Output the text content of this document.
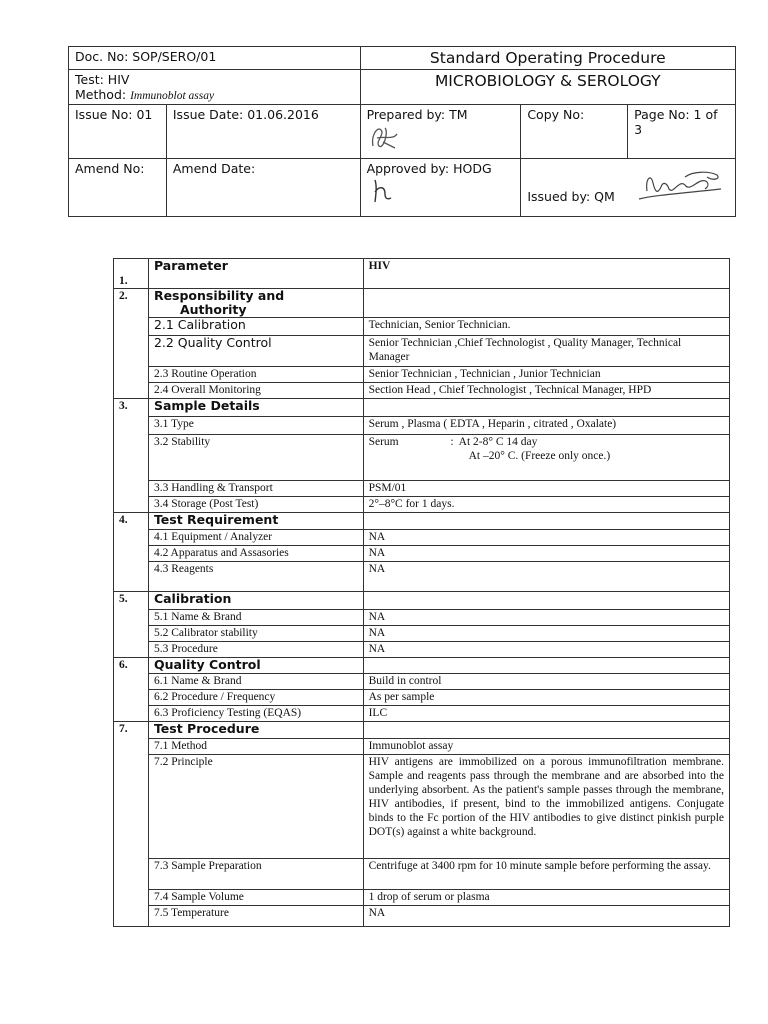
Doc. No: SOP/SERO/01		Standard Operating Procedure		

Test: HIV
Method: Immunoblot assay		MICROBIOLOGY & SEROLOGY		
Issue No: 01	Issue Date: 01.06.2016	Prepared by: TM	Copy No:	Page No: 1 of 3
Amend No:	Amend Date:	Approved by: HODG	Issued by: QM	
1.	Parameter	HIV
2.	Responsibility and
Authority	

	2.1 Calibration	Technician, Senior Technician.
	2.2 Quality Control	Senior Technician ,Chief Technologist , Quality Manager, Technical Manager
	2.3 Routine Operation	Senior Technician , Technician , Junior Technician
	2.4 Overall Monitoring	Section Head , Chief Technologist , Technical Manager, HPD
3.	Sample Details	
	3.1 Type	Serum , Plasma ( EDTA , Heparin , citrated , Oxalate)
	3.2 Stability	Serum                  :  At 2-8° C 14 day
At –20° C. (Freeze only once.)

	3.3 Handling & Transport	PSM/01
	3.4 Storage (Post Test)	2°–8°C for 1 days.
4.	Test Requirement	
	4.1 Equipment / Analyzer	NA
	4.2 Apparatus and Assasories	NA
	4.3 Reagents	NA
5.	Calibration	
	5.1 Name & Brand	NA
	5.2 Calibrator stability	NA
	5.3 Procedure	NA
6.	Quality Control	
	6.1 Name & Brand	Build in control
	6.2 Procedure / Frequency	As per sample
	6.3 Proficiency Testing (EQAS)	ILC
7.	Test Procedure	
	7.1 Method	Immunoblot assay
	7.2 Principle	HIV antigens are immobilized on a porous immunofiltration membrane. Sample and reagents pass through the membrane and are absorbed into the underlying absorbent. As the patient's sample passes through the membrane, HIV antibodies, if present, bind to the immobilized antigens. Conjugate binds to the Fc portion of the HIV antibodies to give distinct pinkish purple DOT(s) against a white background.
	7.3 Sample Preparation	Centrifuge at 3400 rpm for 10 minute sample before performing the assay.
	7.4 Sample Volume	1 drop of serum or plasma
	7.5 Temperature	NA
